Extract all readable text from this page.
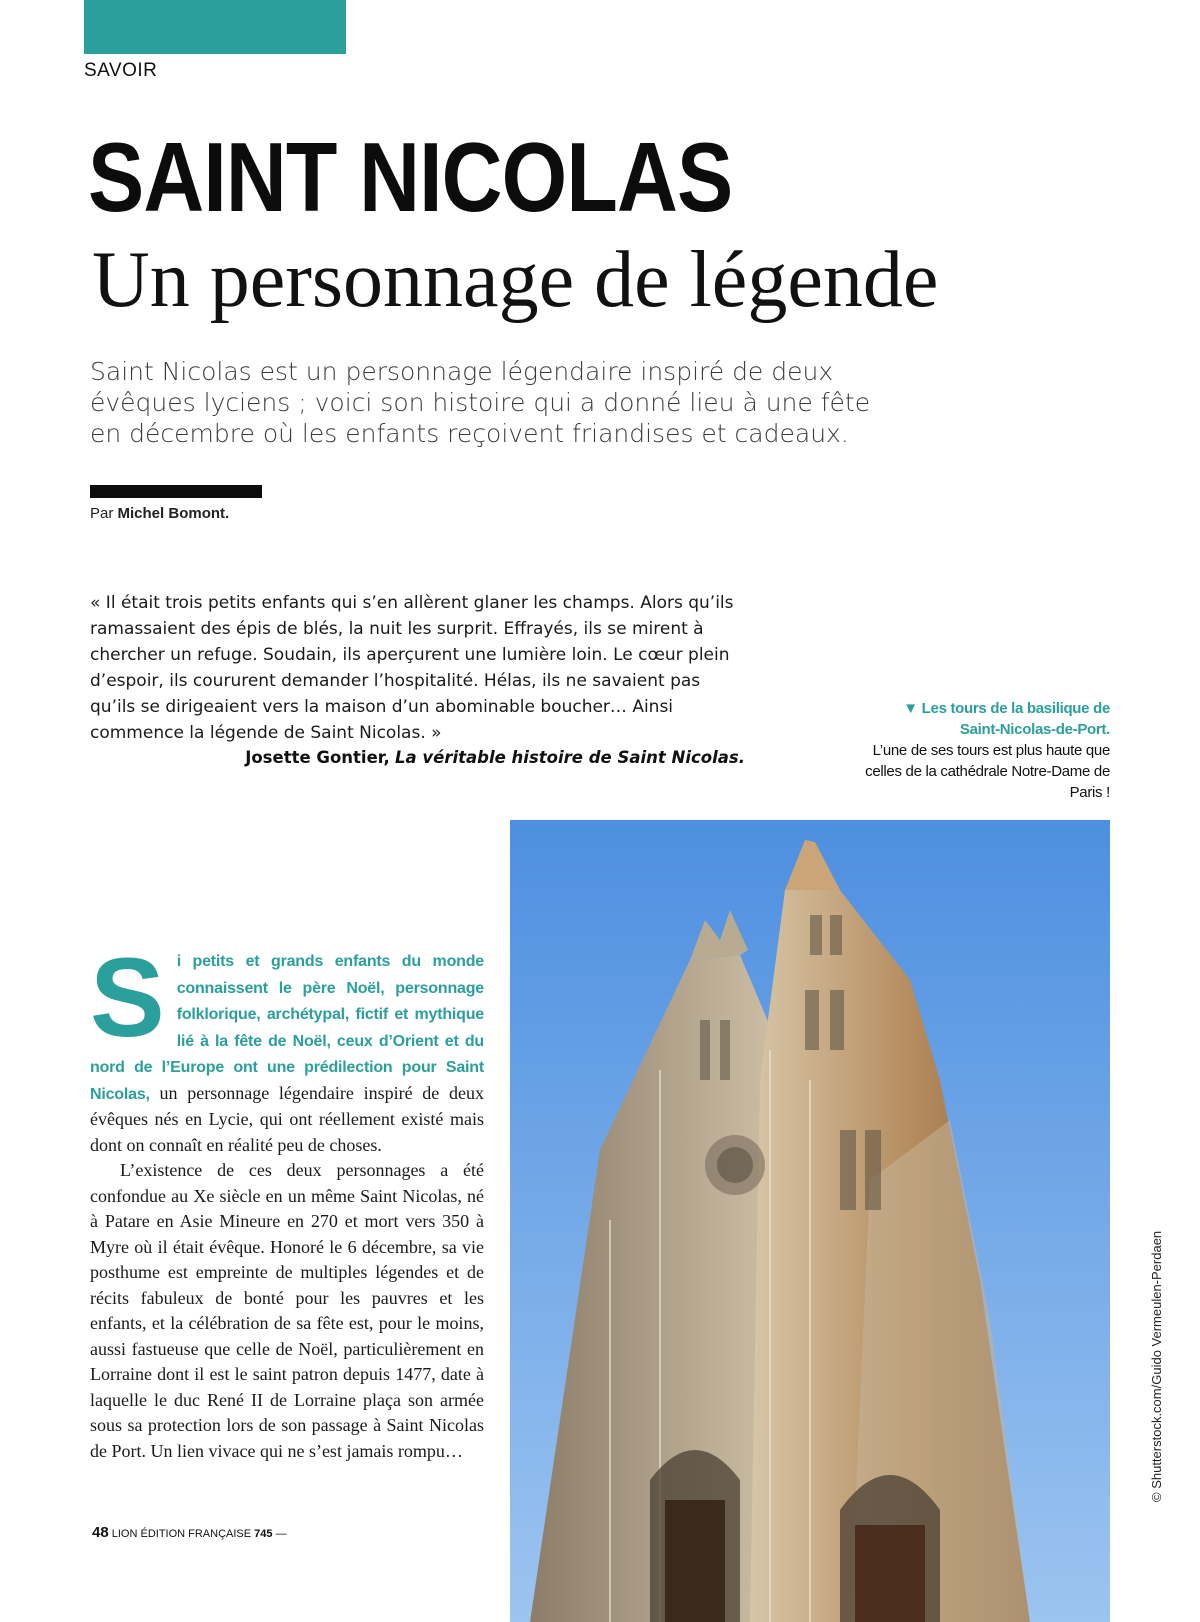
SAVOIR
SAINT NICOLAS
Un personnage de légende

Saint Nicolas est un personnage légendaire inspiré de deux évêques lyciens ; voici son histoire qui a donné lieu à une fête en décembre où les enfants reçoivent friandises et cadeaux.

Par Michel Bomont.

« Il était trois petits enfants qui s’en allèrent glaner les champs. Alors qu’ils ramassaient des épis de blés, la nuit les surprit. Effrayés, ils se mirent à chercher un refuge. Soudain, ils aperçurent une lumière loin. Le cœur plein d’espoir, ils coururent demander l’hospitalité. Hélas, ils ne savaient pas qu’ils se dirigeaient vers la maison d’un abominable boucher… Ainsi commence la légende de Saint Nicolas. »

Josette Gontier, La véritable histoire de Saint Nicolas.
▼ Les tours de la basilique de Saint-Nicolas-de-Port.
L’une de ses tours est plus haute que celles de la cathédrale Notre-Dame de Paris !
© Shutterstock.com/Guido Vermeulen-Perdaen
S i petits et grands enfants du monde connaissent le père Noël, personnage folklorique, archétypal, fictif et mythique lié à la fête de Noël, ceux d’Orient et du nord de l’Europe ont une prédilection pour Saint Nicolas, un personnage légendaire inspiré de deux évêques nés en Lycie, qui ont réellement existé mais dont on connaît en réalité peu de choses.

L’existence de ces deux personnages a été confondue au Xe siècle en un même Saint Nicolas, né à Patare en Asie Mineure en 270 et mort vers 350 à Myre où il était évêque. Honoré le 6 décembre, sa vie posthume est empreinte de multiples légendes et de récits fabuleux de bonté pour les pauvres et les enfants, et la célébration de sa fête est, pour le moins, aussi fastueuse que celle de Noël, particulièrement en Lorraine dont il est le saint patron depuis 1477, date à laquelle le duc René II de Lorraine plaça son armée sous sa protection lors de son passage à Saint Nicolas de Port. Un lien vivace qui ne s’est jamais rompu…

48 LION ÉDITION FRANÇAISE 745 —
